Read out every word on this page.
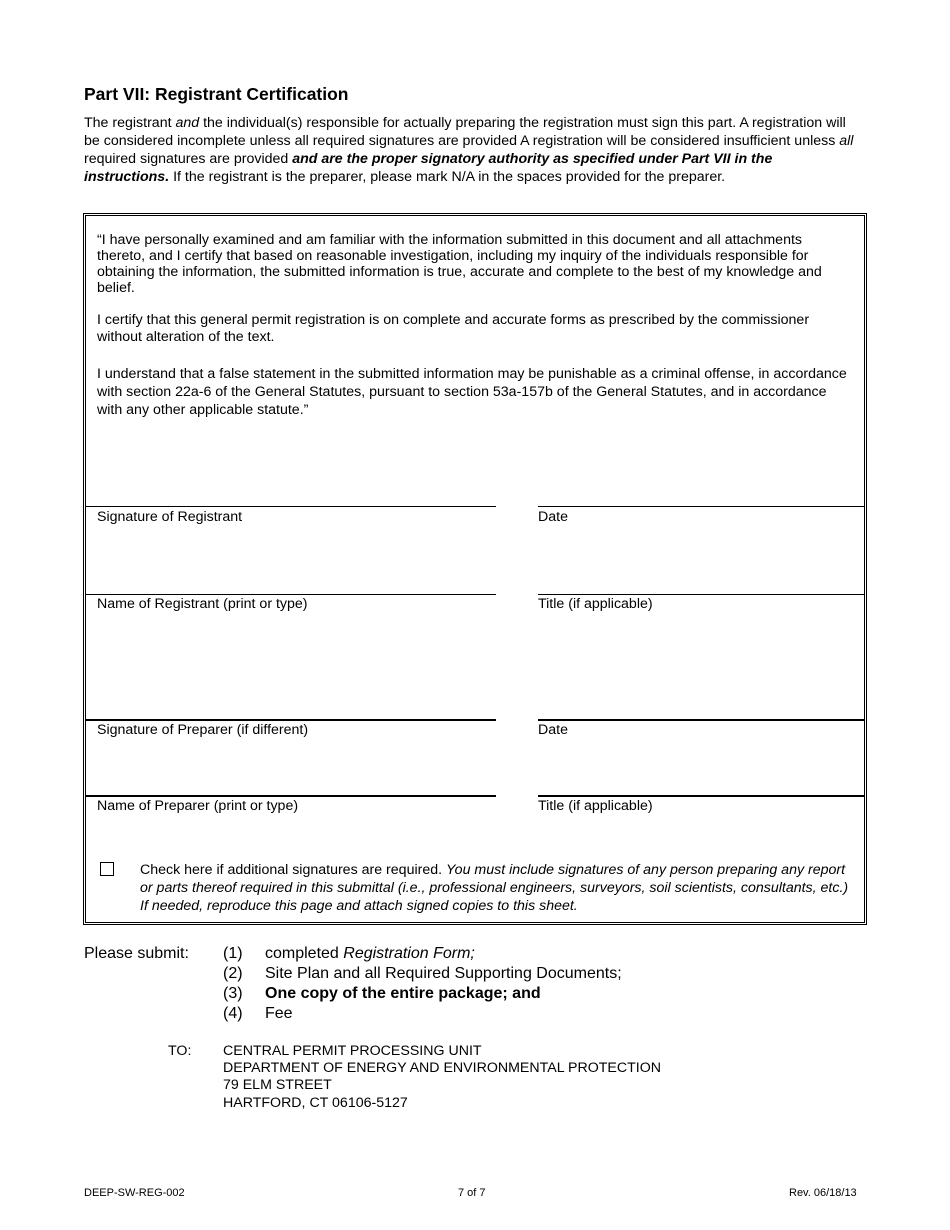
Part VII: Registrant Certification
The registrant and the individual(s) responsible for actually preparing the registration must sign this part. A registration will be considered incomplete unless all required signatures are provided A registration will be considered insufficient unless all required signatures are provided and are the proper signatory authority as specified under Part VII in the instructions. If the registrant is the preparer, please mark N/A in the spaces provided for the preparer.
“I have personally examined and am familiar with the information submitted in this document and all attachments thereto, and I certify that based on reasonable investigation, including my inquiry of the individuals responsible for obtaining the information, the submitted information is true, accurate and complete to the best of my knowledge and belief.
I certify that this general permit registration is on complete and accurate forms as prescribed by the commissioner without alteration of the text.
I understand that a false statement in the submitted information may be punishable as a criminal offense, in accordance with section 22a-6 of the General Statutes, pursuant to section 53a-157b of the General Statutes, and in accordance with any other applicable statute.”
Signature of Registrant	Date
Name of Registrant (print or type)	Title (if applicable)
Signature of Preparer (if different)	Date
Name of Preparer (print or type)	Title (if applicable)
Check here if additional signatures are required. You must include signatures of any person preparing any report or parts thereof required in this submittal (i.e., professional engineers, surveyors, soil scientists, consultants, etc.) If needed, reproduce this page and attach signed copies to this sheet.
Please submit: (1) completed Registration Form;
(2) Site Plan and all Required Supporting Documents;
(3) One copy of the entire package; and
(4) Fee
TO: CENTRAL PERMIT PROCESSING UNIT
DEPARTMENT OF ENERGY AND ENVIRONMENTAL PROTECTION
79 ELM STREET
HARTFORD, CT 06106-5127
DEEP-SW-REG-002	7 of 7	Rev. 06/18/13
